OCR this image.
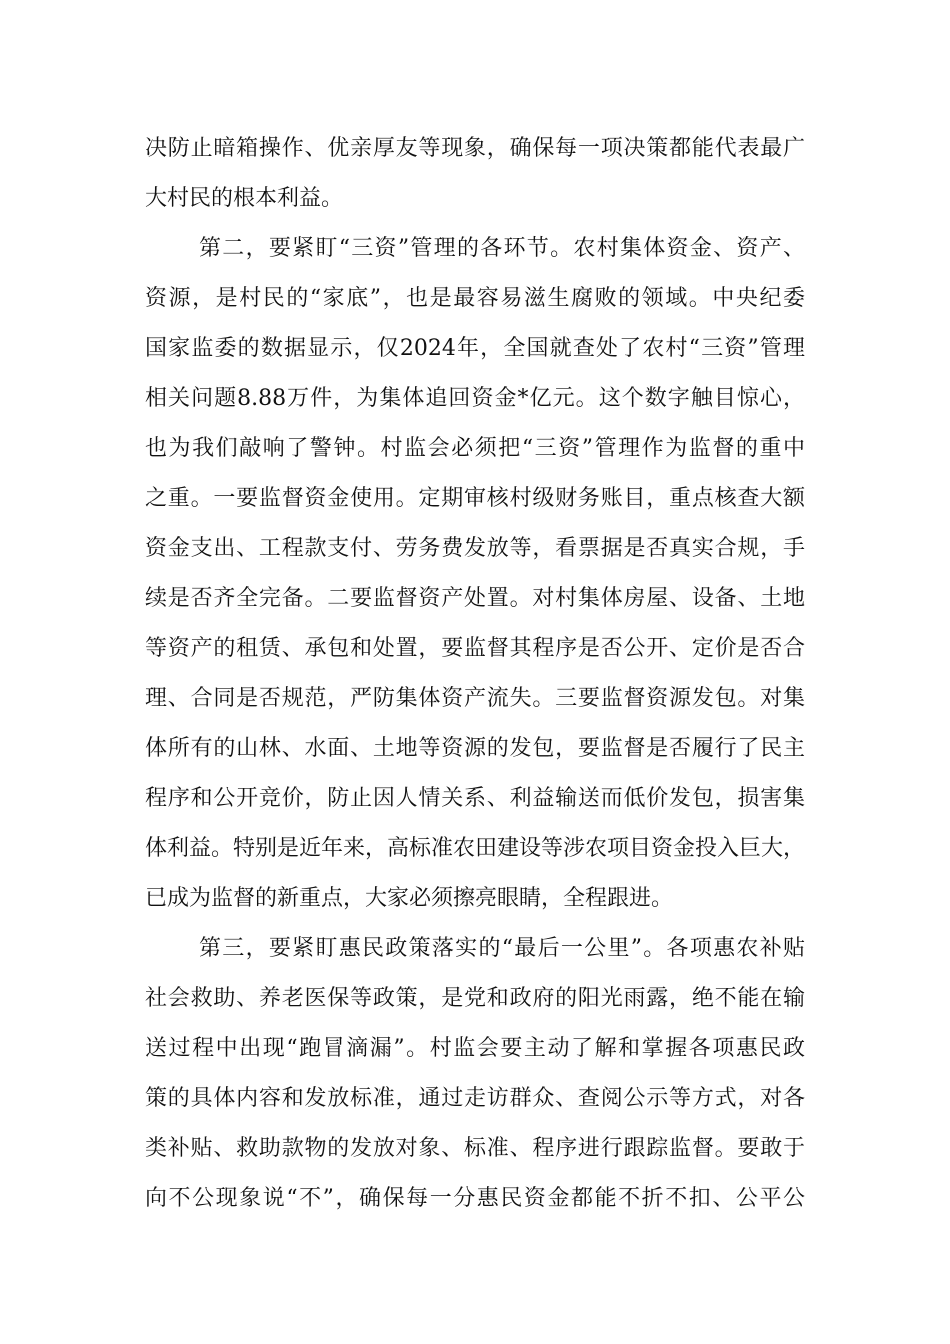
决防止暗箱操作、优亲厚友等现象，确保每一项决策都能代表最广
大村民的根本利益。
第二，要紧盯“三资”管理的各环节。农村集体资金、资产、
资源，是村民的“家底”，也是最容易滋生腐败的领域。中央纪委
国家监委的数据显示，仅2024年，全国就查处了农村“三资”管理
相关问题8.88万件，为集体追回资金*亿元。这个数字触目惊心，
也为我们敲响了警钟。村监会必须把“三资”管理作为监督的重中
之重。一要监督资金使用。定期审核村级财务账目，重点核查大额
资金支出、工程款支付、劳务费发放等，看票据是否真实合规，手
续是否齐全完备。二要监督资产处置。对村集体房屋、设备、土地
等资产的租赁、承包和处置，要监督其程序是否公开、定价是否合
理、合同是否规范，严防集体资产流失。三要监督资源发包。对集
体所有的山林、水面、土地等资源的发包，要监督是否履行了民主
程序和公开竞价，防止因人情关系、利益输送而低价发包，损害集
体利益。特别是近年来，高标准农田建设等涉农项目资金投入巨大，
已成为监督的新重点，大家必须擦亮眼睛，全程跟进。
第三，要紧盯惠民政策落实的“最后一公里”。各项惠农补贴
社会救助、养老医保等政策，是党和政府的阳光雨露，绝不能在输
送过程中出现“跑冒滴漏”。村监会要主动了解和掌握各项惠民政
策的具体内容和发放标准，通过走访群众、查阅公示等方式，对各
类补贴、救助款物的发放对象、标准、程序进行跟踪监督。要敢于
向不公现象说“不”，确保每一分惠民资金都能不折不扣、公平公
